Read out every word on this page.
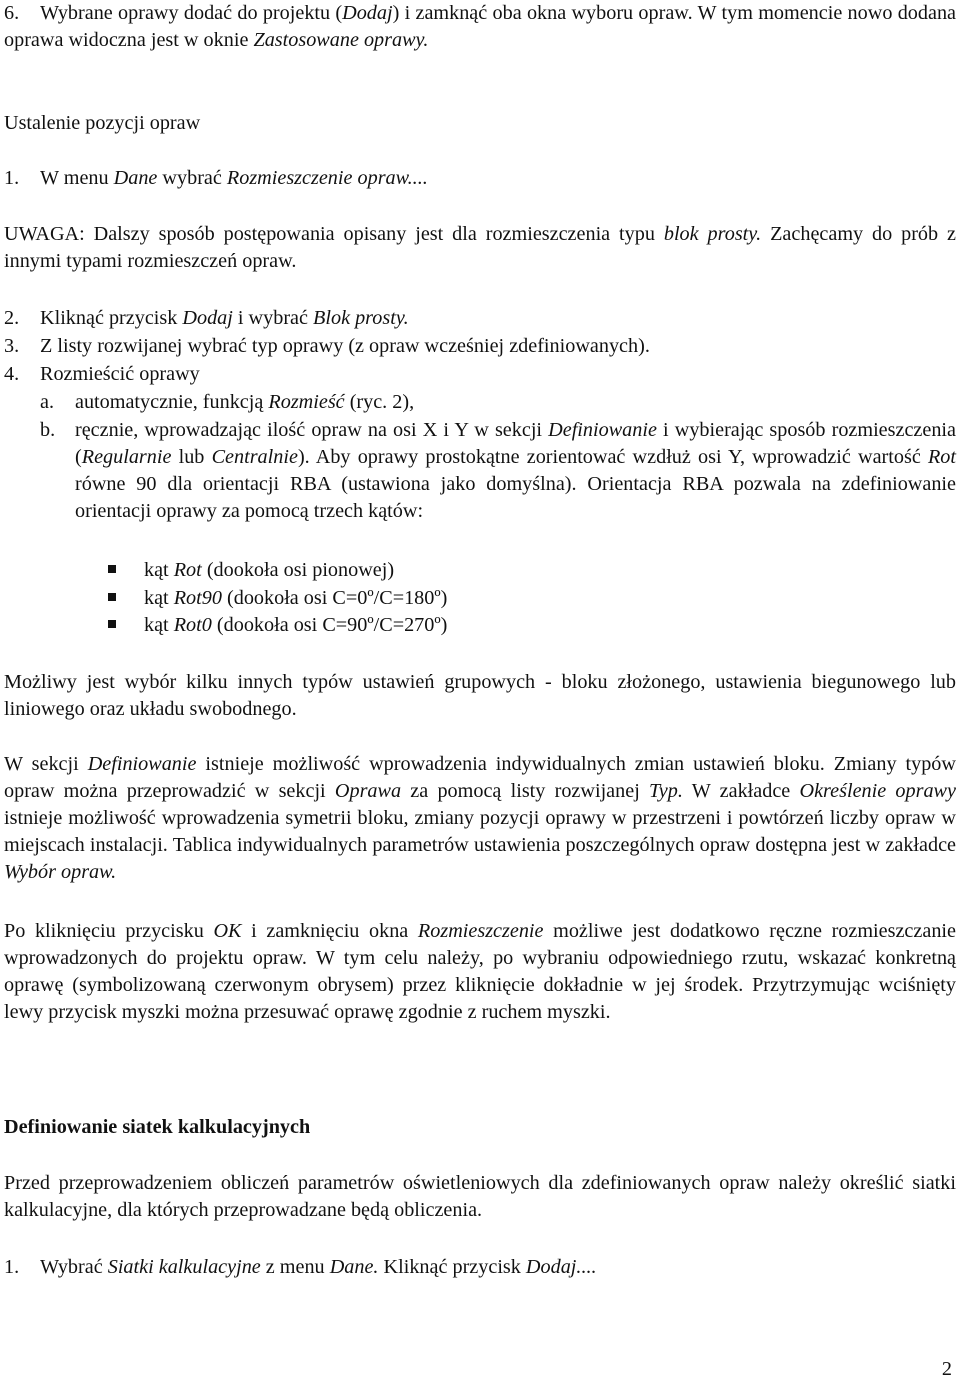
6. Wybrane oprawy dodać do projektu (Dodaj) i zamknąć oba okna wyboru opraw. W tym momencie nowo dodana oprawa widoczna jest w oknie Zastosowane oprawy.

Ustalenie pozycji opraw

1. W menu Dane wybrać Rozmieszczenie opraw....

UWAGA: Dalszy sposób postępowania opisany jest dla rozmieszczenia typu blok prosty. Zachęcamy do prób z innymi typami rozmieszczeń opraw.

2. Kliknąć przycisk Dodaj i wybrać Blok prosty.

3. Z listy rozwijanej wybrać typ oprawy (z opraw wcześniej zdefiniowanych).

4. Rozmieścić oprawy

a. automatycznie, funkcją Rozmieść (ryc. 2),

b. ręcznie, wprowadzając ilość opraw na osi X i Y w sekcji Definiowanie i wybierając sposób rozmieszczenia (Regularnie lub Centralnie). Aby oprawy prostokątne zorientować wzdłuż osi Y, wprowadzić wartość Rot równe 90 dla orientacji RBA (ustawiona jako domyślna). Orientacja RBA pozwala na zdefiniowanie orientacji oprawy za pomocą trzech kątów:

kąt Rot (dookoła osi pionowej)

kąt Rot90 (dookoła osi C=0º/C=180º)

kąt Rot0 (dookoła osi C=90º/C=270º)

Możliwy jest wybór kilku innych typów ustawień grupowych - bloku złożonego, ustawienia biegunowego lub liniowego oraz układu swobodnego.

W sekcji Definiowanie istnieje możliwość wprowadzenia indywidualnych zmian ustawień bloku. Zmiany typów opraw można przeprowadzić w sekcji Oprawa za pomocą listy rozwijanej Typ. W zakładce Określenie oprawy istnieje możliwość wprowadzenia symetrii bloku, zmiany pozycji oprawy w przestrzeni i powtórzeń liczby opraw w miejscach instalacji. Tablica indywidualnych parametrów ustawienia poszczególnych opraw dostępna jest w zakładce Wybór opraw.

Po kliknięciu przycisku OK i zamknięciu okna Rozmieszczenie możliwe jest dodatkowo ręczne rozmieszczanie wprowadzonych do projektu opraw. W tym celu należy, po wybraniu odpowiedniego rzutu, wskazać konkretną oprawę (symbolizowaną czerwonym obrysem) przez kliknięcie dokładnie w jej środek. Przytrzymując wciśnięty lewy przycisk myszki można przesuwać oprawę zgodnie z ruchem myszki.

Definiowanie siatek kalkulacyjnych

Przed przeprowadzeniem obliczeń parametrów oświetleniowych dla zdefiniowanych opraw należy określić siatki kalkulacyjne, dla których przeprowadzane będą obliczenia.

1. Wybrać Siatki kalkulacyjne z menu Dane. Kliknąć przycisk Dodaj....

2
